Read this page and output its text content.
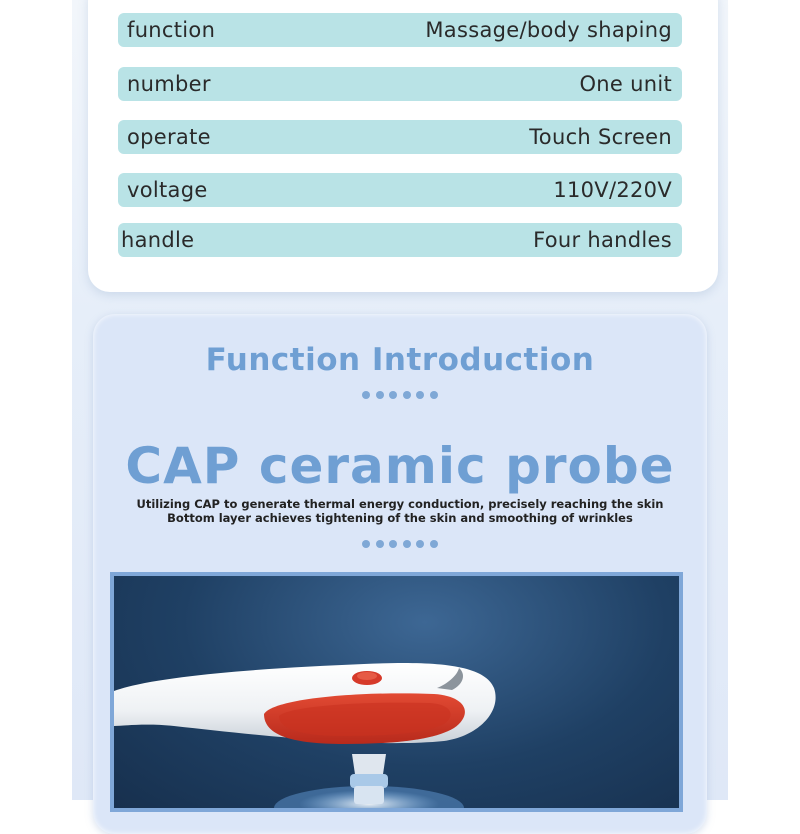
function	Massage/body shaping
number	One unit
operate	Touch Screen
voltage	110V/220V
handle	Four handles
Function Introduction
CAP ceramic probe
Utilizing CAP to generate thermal energy conduction, precisely reaching the skin
Bottom layer achieves tightening of the skin and smoothing of wrinkles
